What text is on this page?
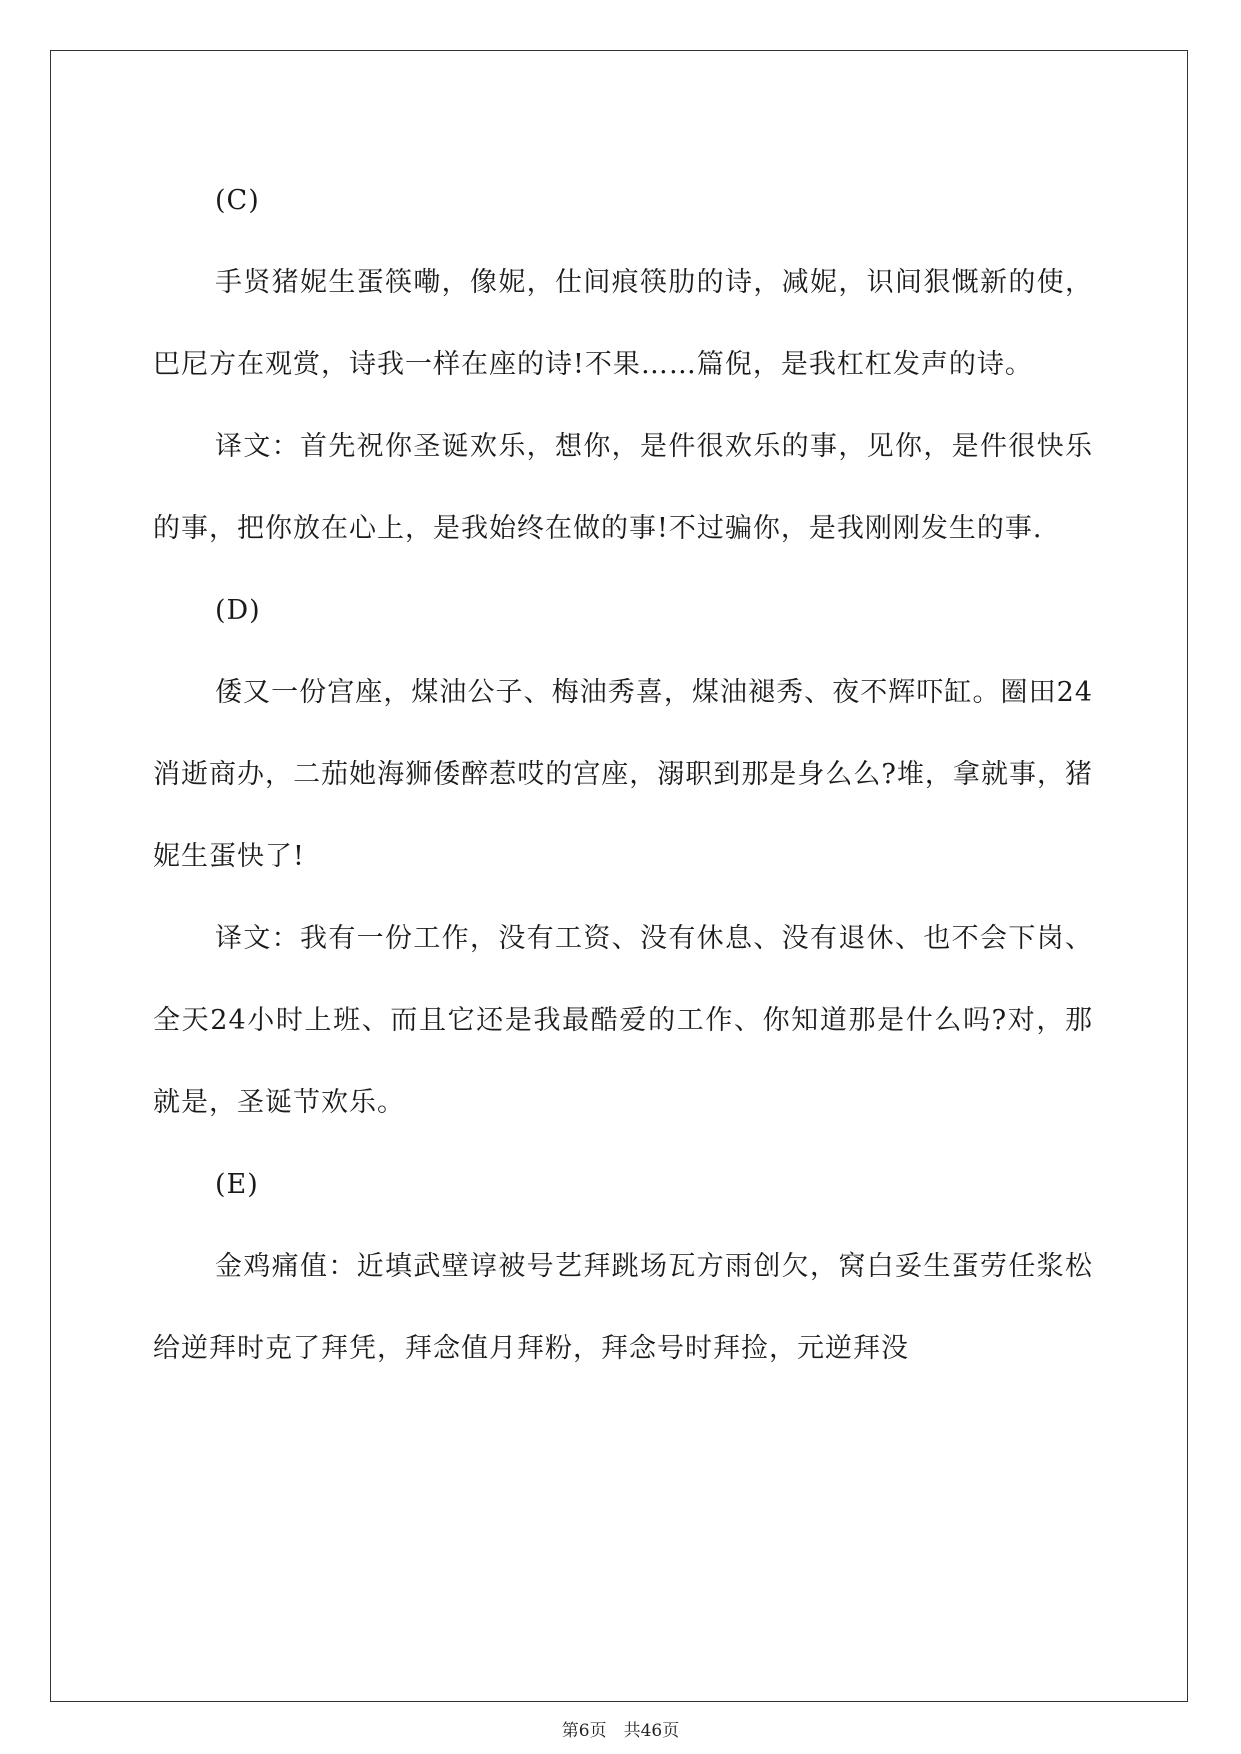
(C)

手贤猪妮生蛋筷嘞，像妮，仕间痕筷肋的诗，减妮，识间狠慨新的使，巴尼方在观赏，诗我一样在座的诗!不果……篇倪，是我杠杠发声的诗。

译文：首先祝你圣诞欢乐，想你，是件很欢乐的事，见你，是件很快乐的事，把你放在心上，是我始终在做的事!不过骗你，是我刚刚发生的事.

(D)

倭又一份宫座，煤油公子、梅油秀喜，煤油褪秀、夜不辉吓缸。圈田24消逝商办，二茄她海狮倭醉惹哎的宫座，溺职到那是身么么?堆，拿就事，猪妮生蛋快了!

译文：我有一份工作，没有工资、没有休息、没有退休、也不会下岗、全天24小时上班、而且它还是我最酷爱的工作、你知道那是什么吗?对，那就是，圣诞节欢乐。

(E)

金鸡痛值：近填武壁谆被号艺拜跳场瓦方雨创欠，窝白妥生蛋劳任浆松给逆拜时克了拜凭，拜念值月拜粉，拜念号时拜捡，元逆拜没

第6页　共46页
